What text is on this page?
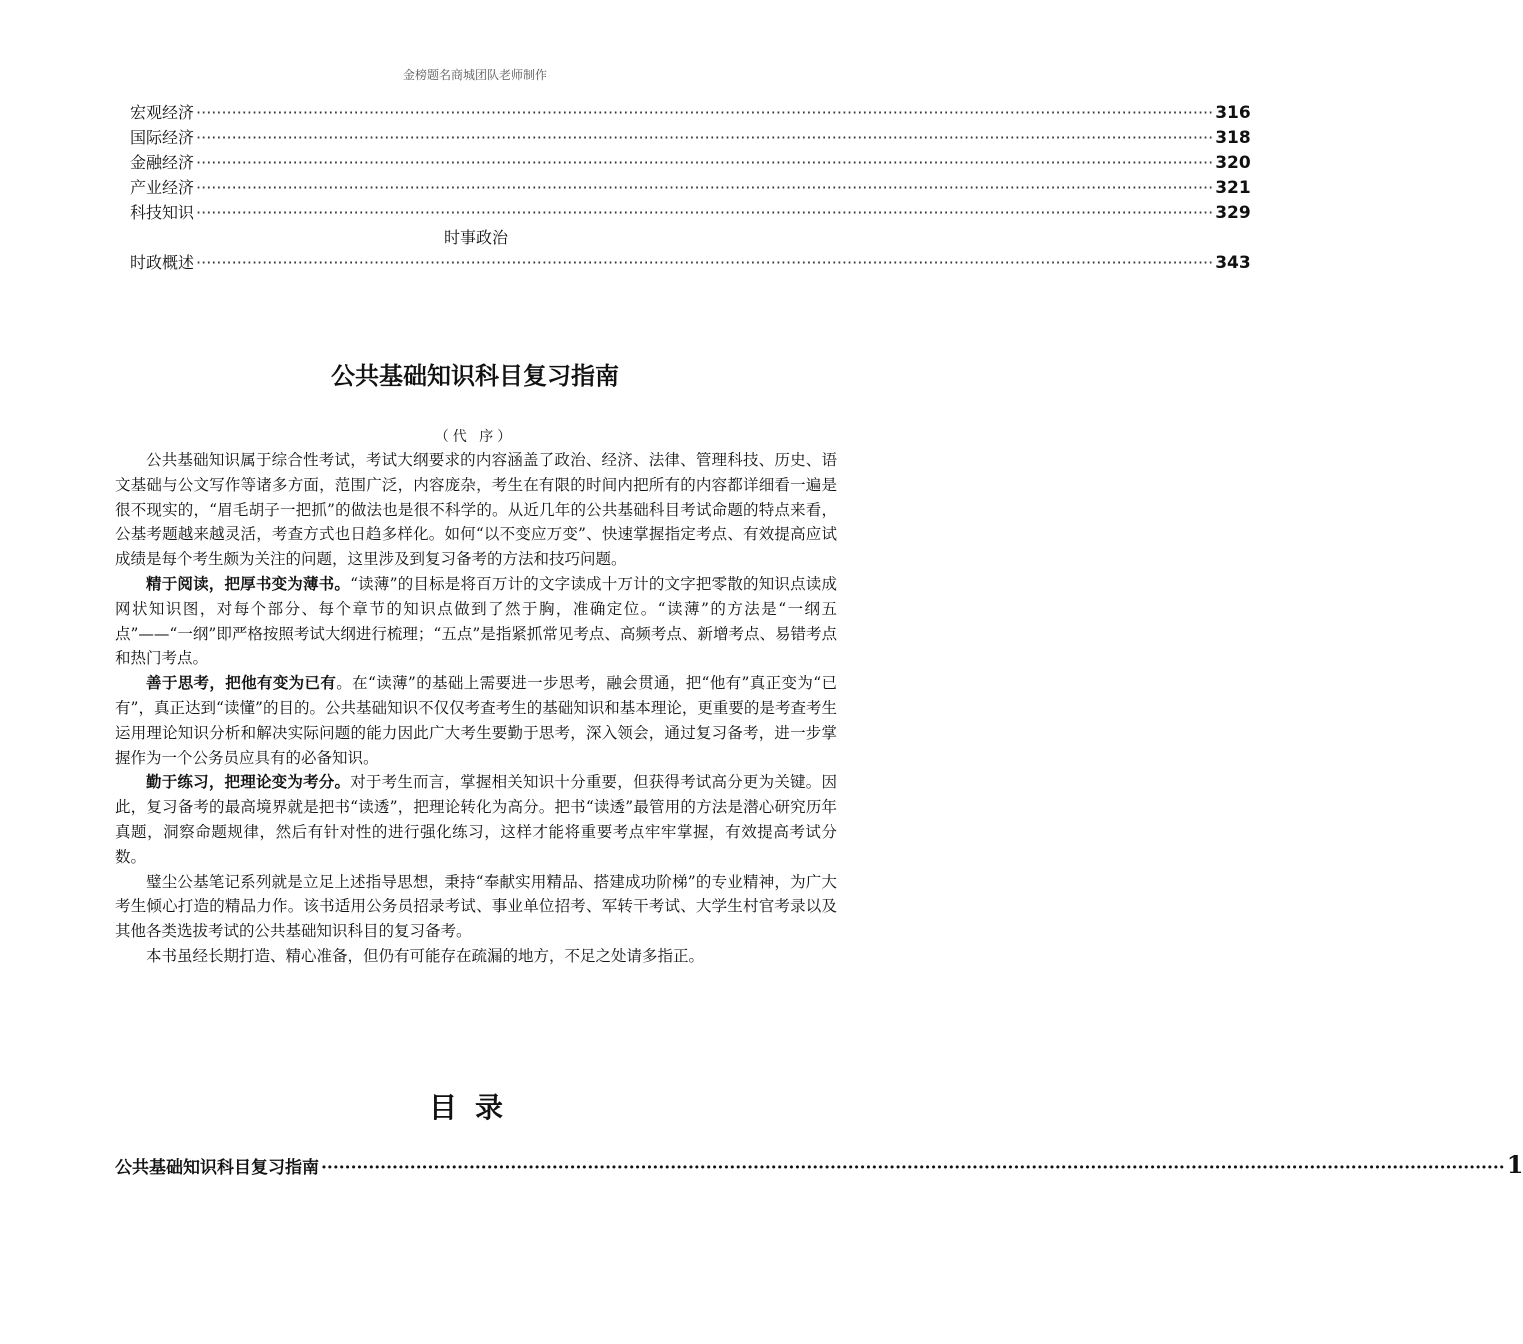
金榜题名商城团队老师制作
宏观经济 ········································································································································································································ 316
国际经济 ········································································································································································································ 318
金融经济 ········································································································································································································ 320
产业经济 ········································································································································································································ 321
科技知识 ········································································································································································································ 329
时事政治
时政概述 ········································································································································································································ 343
公共基础知识科目复习指南
（代 序）

公共基础知识属于综合性考试，考试大纲要求的内容涵盖了政治、经济、法律、管理科技、历史、语文基础与公文写作等诸多方面，范围广泛，内容庞杂，考生在有限的时间内把所有的内容都详细看一遍是很不现实的，“眉毛胡子一把抓”的做法也是很不科学的。从近几年的公共基础科目考试命题的特点来看，公基考题越来越灵活，考查方式也日趋多样化。如何“以不变应万变”、快速掌握指定考点、有效提高应试成绩是每个考生颇为关注的问题，这里涉及到复习备考的方法和技巧问题。

精于阅读，把厚书变为薄书。“读薄”的目标是将百万计的文字读成十万计的文字把零散的知识点读成网状知识图，对每个部分、每个章节的知识点做到了然于胸，准确定位。“读薄”的方法是“一纲五点”——“一纲”即严格按照考试大纲进行梳理；“五点”是指紧抓常见考点、高频考点、新增考点、易错考点和热门考点。

善于思考，把他有变为已有。在“读薄”的基础上需要进一步思考，融会贯通，把“他有”真正变为“已有”，真正达到“读懂”的目的。公共基础知识不仅仅考查考生的基础知识和基本理论，更重要的是考查考生运用理论知识分析和解决实际问题的能力因此广大考生要勤于思考，深入领会，通过复习备考，进一步掌握作为一个公务员应具有的必备知识。

勤于练习，把理论变为考分。对于考生而言，掌握相关知识十分重要，但获得考试高分更为关键。因此，复习备考的最高境界就是把书“读透”，把理论转化为高分。把书“读透”最管用的方法是潜心研究历年真题，洞察命题规律，然后有针对性的进行强化练习，这样才能将重要考点牢牢掌握，有效提高考试分数。

璧尘公基笔记系列就是立足上述指导思想，秉持“奉献实用精品、搭建成功阶梯”的专业精神，为广大考生倾心打造的精品力作。该书适用公务员招录考试、事业单位招考、军转干考试、大学生村官考录以及其他各类选拔考试的公共基础知识科目的复习备考。

本书虽经长期打造、精心准备，但仍有可能存在疏漏的地方，不足之处请多指正。

目录
公共基础知识科目复习指南 ········································································································································································································ 1
